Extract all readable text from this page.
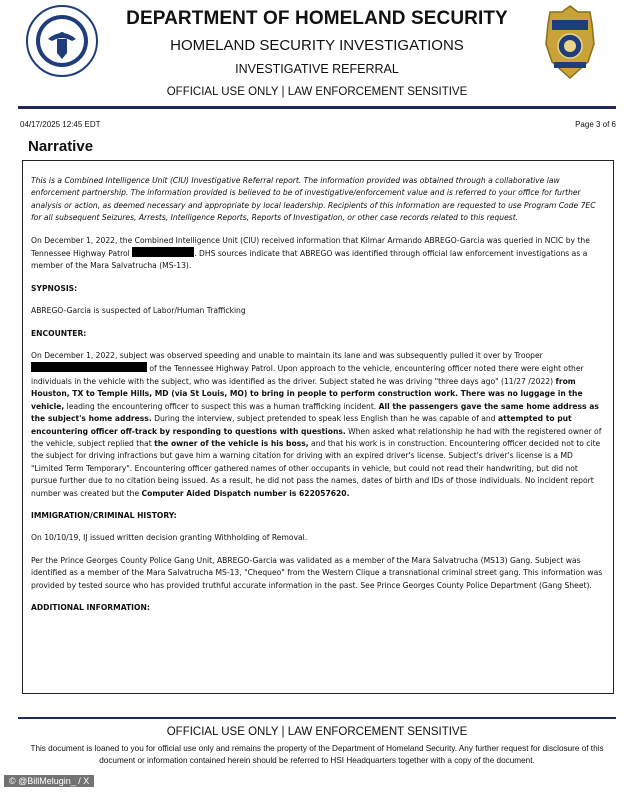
DEPARTMENT OF HOMELAND SECURITY
HOMELAND SECURITY INVESTIGATIONS
INVESTIGATIVE REFERRAL
OFFICIAL USE ONLY | LAW ENFORCEMENT SENSITIVE
04/17/2025 12:45 EDT	Page 3 of 6
Narrative

This is a Combined Intelligence Unit (CIU) Investigative Referral report. The information provided was obtained through a collaborative law enforcement partnership. The information provided is believed to be of investigative/enforcement value and is referred to your office for further analysis or action, as deemed necessary and appropriate by local leadership. Recipients of this information are requested to use Program Code 7EC for all subsequent Seizures, Arrests, Intelligence Reports, Reports of Investigation, or other case records related to this request.

On December 1, 2022, the Combined Intelligence Unit (CIU) received information that Kilmar Armando ABREGO-Garcia was queried in NCIC by the Tennessee Highway Patrol	. DHS sources indicate that ABREGO was identified through official law enforcement investigations as a member of the Mara Salvatrucha (MS-13).

SYPNOSIS:

ABREGO-Garcia is suspected of Labor/Human Trafficking

ENCOUNTER:

On December 1, 2022, subject was observed speeding and unable to maintain its lane and was subsequently pulled it over by Trooper
of the Tennessee Highway Patrol. Upon approach to the vehicle, encountering officer noted there were eight other individuals in the vehicle with the subject, who was identified as the driver. Subject stated he was driving "three days ago" (11/27 /2022) from Houston, TX to Temple Hills, MD (via St Louis, MO) to bring in people to perform construction work. There was no luggage in the vehicle, leading the encountering officer to suspect this was a human trafficking incident. All the passengers gave the same home address as the subject's home address. During the interview, subject pretended to speak less English than he was capable of and attempted to put encountering officer off-track by responding to questions with questions. When asked what relationship he had with the registered owner of the vehicle, subject replied that the owner of the vehicle is his boss, and that his work is in construction. Encountering officer decided not to cite the subject for driving infractions but gave him a warning citation for driving with an expired driver's license. Subject's driver's license is a MD "Limited Term Temporary". Encountering officer gathered names of other occupants in vehicle, but could not read their handwriting, but did not pursue further due to no citation being issued. As a result, he did not pass the names, dates of birth and IDs of those individuals. No incident report number was created but the Computer Aided Dispatch number is 622057620.

IMMIGRATION/CRIMINAL HISTORY:

On 10/10/19, IJ issued written decision granting Withholding of Removal.

Per the Prince Georges County Police Gang Unit, ABREGO-Garcia was validated as a member of the Mara Salvatrucha (MS13) Gang. Subject was identified as a member of the Mara Salvatrucha MS-13, "Chequeo" from the Western Clique a transnational criminal street gang. This information was provided by tested source who has provided truthful accurate information in the past. See Prince Georges County Police Department (Gang Sheet).

ADDITIONAL INFORMATION:
OFFICIAL USE ONLY | LAW ENFORCEMENT SENSITIVE
This document is loaned to you for official use only and remains the property of the Department of Homeland Security. Any further request for disclosure of this document or information contained herein should be referred to HSI Headquarters together with a copy of the document.
© @BillMelugin_ / X
